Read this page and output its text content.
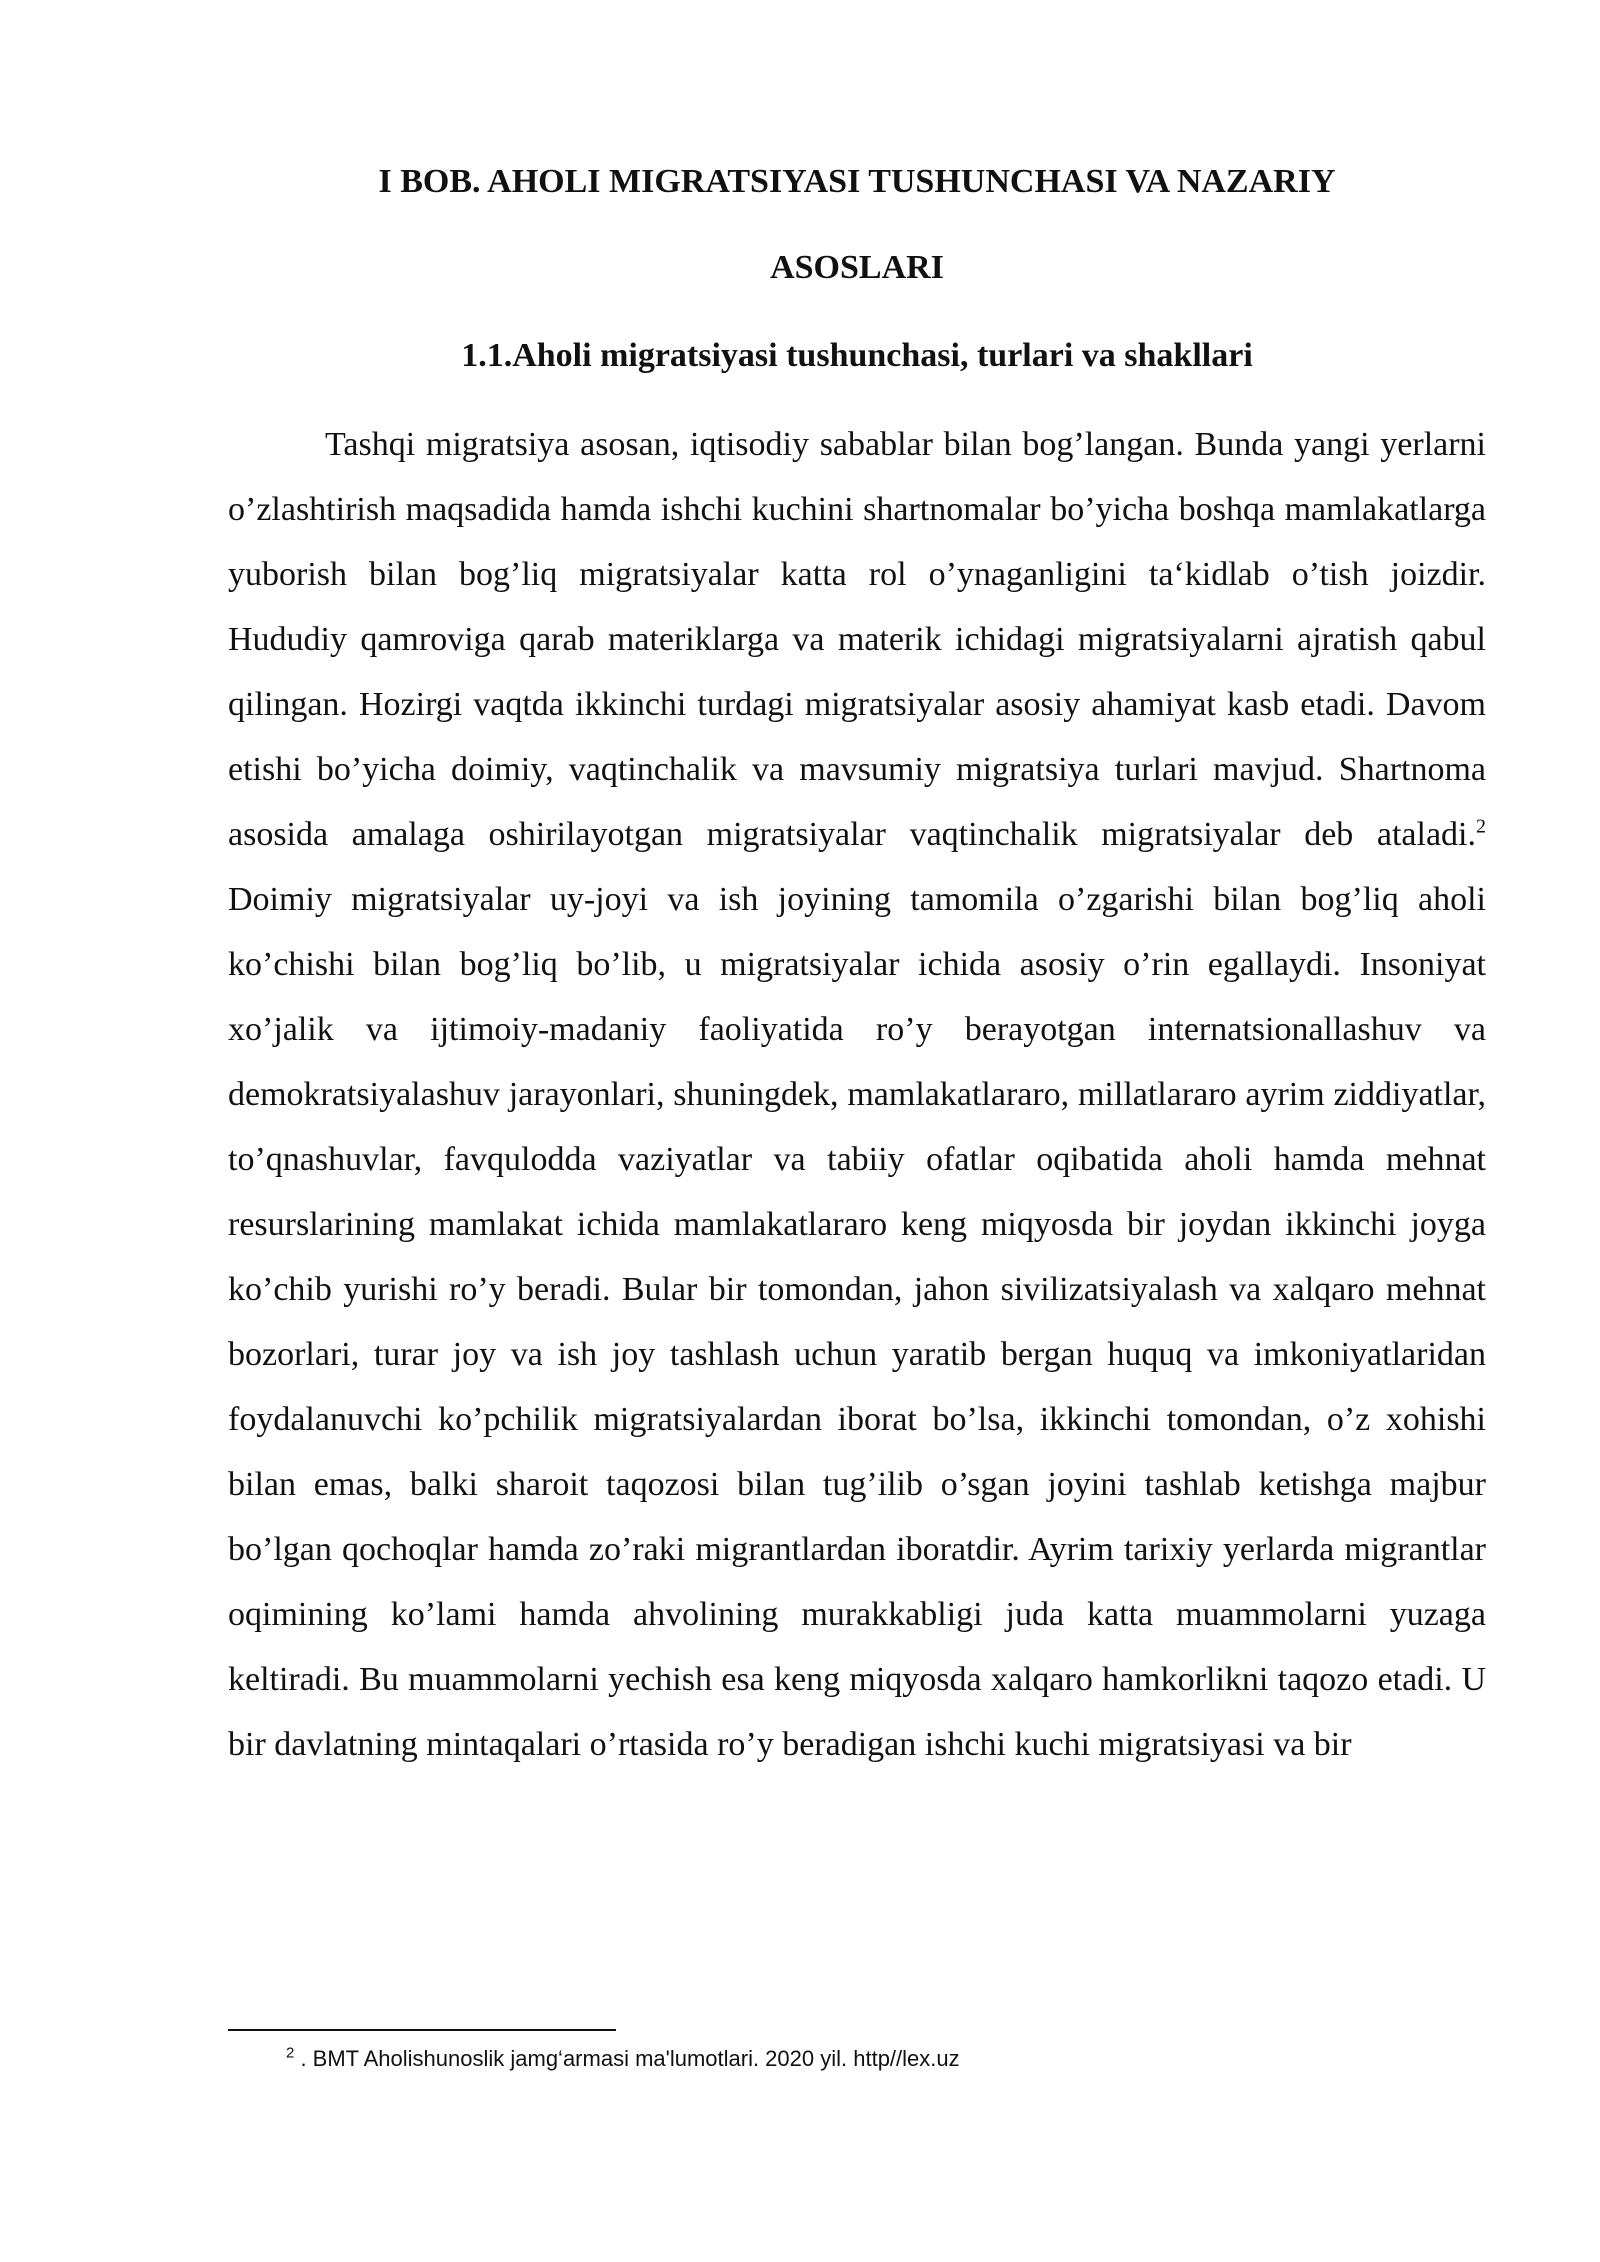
I BOB. AHOLI MIGRATSIYASI TUSHUNCHASI VA NAZARIY
ASOSLARI
1.1.Aholi migratsiyasi tushunchasi, turlari va shakllari

Tashqi migratsiya asosan, iqtisodiy sabablar bilan bog’langan. Bunda yangi yerlarni o’zlashtirish maqsadida hamda ishchi kuchini shartnomalar bo’yicha boshqa mamlakatlarga yuborish bilan bog’liq migratsiyalar katta rol o’ynaganligini ta‘kidlab o’tish joizdir. Hududiy qamroviga qarab materiklarga va materik ichidagi migratsiyalarni ajratish qabul qilingan. Hozirgi vaqtda ikkinchi turdagi migratsiyalar asosiy ahamiyat kasb etadi. Davom etishi bo’yicha doimiy, vaqtinchalik va mavsumiy migratsiya turlari mavjud. Shartnoma asosida amalaga oshirilayotgan migratsiyalar vaqtinchalik migratsiyalar deb ataladi.$^2$ Doimiy migratsiyalar uy-joyi va ish joyining tamomila o’zgarishi bilan bog’liq aholi ko’chishi bilan bog’liq bo’lib, u migratsiyalar ichida asosiy o’rin egallaydi. Insoniyat xo’jalik va ijtimoiy-madaniy faoliyatida ro’y berayotgan internatsionallashuv va demokratsiyalashuv jarayonlari, shuningdek, mamlakatlararo, millatlararo ayrim ziddiyatlar, to’qnashuvlar, favqulodda vaziyatlar va tabiiy ofatlar oqibatida aholi hamda mehnat resurslarining mamlakat ichida mamlakatlararo keng miqyosda bir joydan ikkinchi joyga ko’chib yurishi ro’y beradi. Bular bir tomondan, jahon sivilizatsiyalash va xalqaro mehnat bozorlari, turar joy va ish joy tashlash uchun yaratib bergan huquq va imkoniyatlaridan foydalanuvchi ko’pchilik migratsiyalardan iborat bo’lsa, ikkinchi tomondan, o’z xohishi bilan emas, balki sharoit taqozosi bilan tug’ilib o’sgan joyini tashlab ketishga majbur bo’lgan qochoqlar hamda zo’raki migrantlardan iboratdir. Ayrim tarixiy yerlarda migrantlar oqimining ko’lami hamda ahvolining murakkabligi juda katta muammolarni yuzaga keltiradi. Bu muammolarni yechish esa keng miqyosda xalqaro hamkorlikni taqozo etadi. U bir davlatning mintaqalari o’rtasida ro’y beradigan ishchi kuchi migratsiyasi va bir

$^2$ . BMT Aholishunoslik jamg‘armasi ma'lumotlari. 2020 yil. http//lex.uz
